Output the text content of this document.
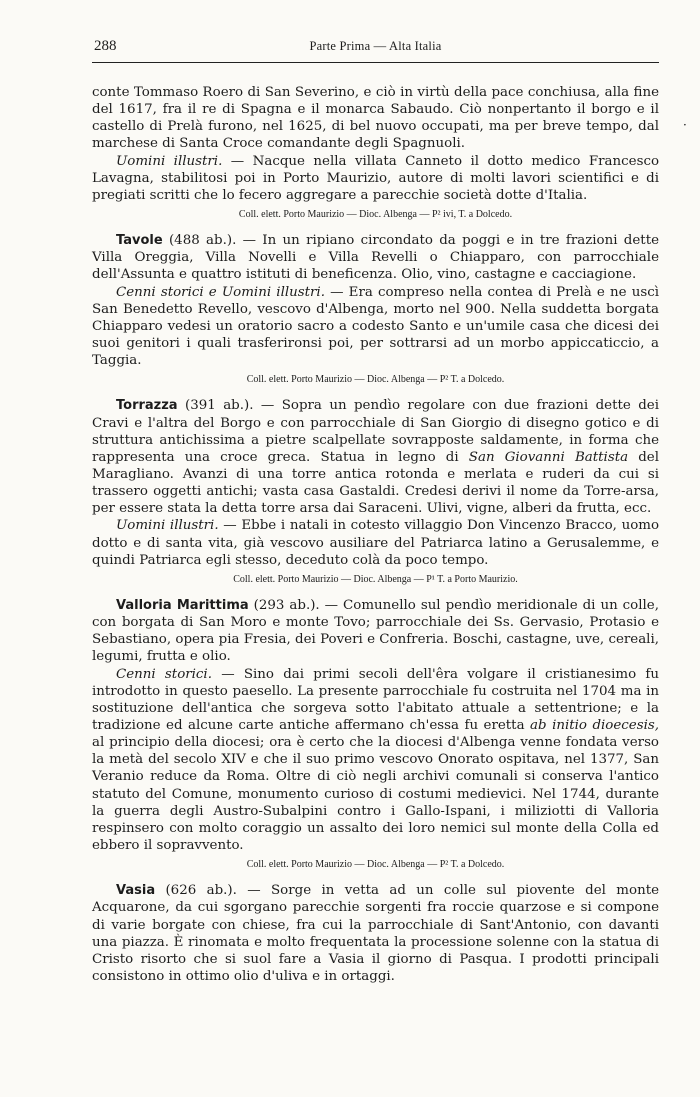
288	Parte Prima — Alta Italia
·

conte Tommaso Roero di San Severino, e ciò in virtù della pace conchiusa, alla fine del 1617, fra il re di Spagna e il monarca Sabaudo. Ciò nonpertanto il borgo e il castello di Prelà furono, nel 1625, di bel nuovo occupati, ma per breve tempo, dal marchese di Santa Croce comandante degli Spagnuoli.

Uomini illustri. — Nacque nella villata Canneto il dotto medico Francesco Lavagna, stabilitosi poi in Porto Maurizio, autore di molti lavori scientifici e di pregiati scritti che lo fecero aggregare a parecchie società dotte d'Italia.

Coll. elett. Porto Maurizio — Dioc. Albenga — P² ivi, T. a Dolcedo.

Tavole (488 ab.). — In un ripiano circondato da poggi e in tre frazioni dette Villa Oreggia, Villa Novelli e Villa Revelli o Chiapparo, con parrocchiale dell'Assunta e quattro istituti di beneficenza. Olio, vino, castagne e cacciagione.

Cenni storici e Uomini illustri. — Era compreso nella contea di Prelà e ne uscì San Benedetto Revello, vescovo d'Albenga, morto nel 900. Nella suddetta borgata Chiapparo vedesi un oratorio sacro a codesto Santo e un'umile casa che dicesi dei suoi genitori i quali trasferironsi poi, per sottrarsi ad un morbo appiccaticcio, a Taggia.

Coll. elett. Porto Maurizio — Dioc. Albenga — P² T. a Dolcedo.

Torrazza (391 ab.). — Sopra un pendìo regolare con due frazioni dette dei Cravi e l'altra del Borgo e con parrocchiale di San Giorgio di disegno gotico e di struttura antichissima a pietre scalpellate sovrapposte saldamente, in forma che rappresenta una croce greca. Statua in legno di San Giovanni Battista del Maragliano. Avanzi di una torre antica rotonda e merlata e ruderi da cui si trassero oggetti antichi; vasta casa Gastaldi. Credesi derivi il nome da Torre-arsa, per essere stata la detta torre arsa dai Saraceni. Ulivi, vigne, alberi da frutta, ecc.

Uomini illustri. — Ebbe i natali in cotesto villaggio Don Vincenzo Bracco, uomo dotto e di santa vita, già vescovo ausiliare del Patriarca latino a Gerusalemme, e quindi Patriarca egli stesso, deceduto colà da poco tempo.

Coll. elett. Porto Maurizio — Dioc. Albenga — P¹ T. a Porto Maurizio.

Valloria Marittima (293 ab.). — Comunello sul pendìo meridionale di un colle, con borgata di San Moro e monte Tovo; parrocchiale dei Ss. Gervasio, Protasio e Sebastiano, opera pia Fresia, dei Poveri e Confreria. Boschi, castagne, uve, cereali, legumi, frutta e olio.

Cenni storici. — Sino dai primi secoli dell'êra volgare il cristianesimo fu introdotto in questo paesello. La presente parrocchiale fu costruita nel 1704 ma in sostituzione dell'antica che sorgeva sotto l'abitato attuale a settentrione; e la tradizione ed alcune carte antiche affermano ch'essa fu eretta ab initio dioecesis, al principio della diocesi; ora è certo che la diocesi d'Albenga venne fondata verso la metà del secolo XIV e che il suo primo vescovo Onorato ospitava, nel 1377, San Veranio reduce da Roma. Oltre di ciò negli archivi comunali si conserva l'antico statuto del Comune, monumento curioso di costumi medievici. Nel 1744, durante la guerra degli Austro-Subalpini contro i Gallo-Ispani, i miliziotti di Valloria respinsero con molto coraggio un assalto dei loro nemici sul monte della Colla ed ebbero il sopravvento.

Coll. elett. Porto Maurizio — Dioc. Albenga — P² T. a Dolcedo.

Vasia (626 ab.). — Sorge in vetta ad un colle sul piovente del monte Acquarone, da cui sgorgano parecchie sorgenti fra roccie quarzose e si compone di varie borgate con chiese, fra cui la parrocchiale di Sant'Antonio, con davanti una piazza. È rinomata e molto frequentata la processione solenne con la statua di Cristo risorto che si suol fare a Vasia il giorno di Pasqua. I prodotti principali consistono in ottimo olio d'uliva e in ortaggi.
